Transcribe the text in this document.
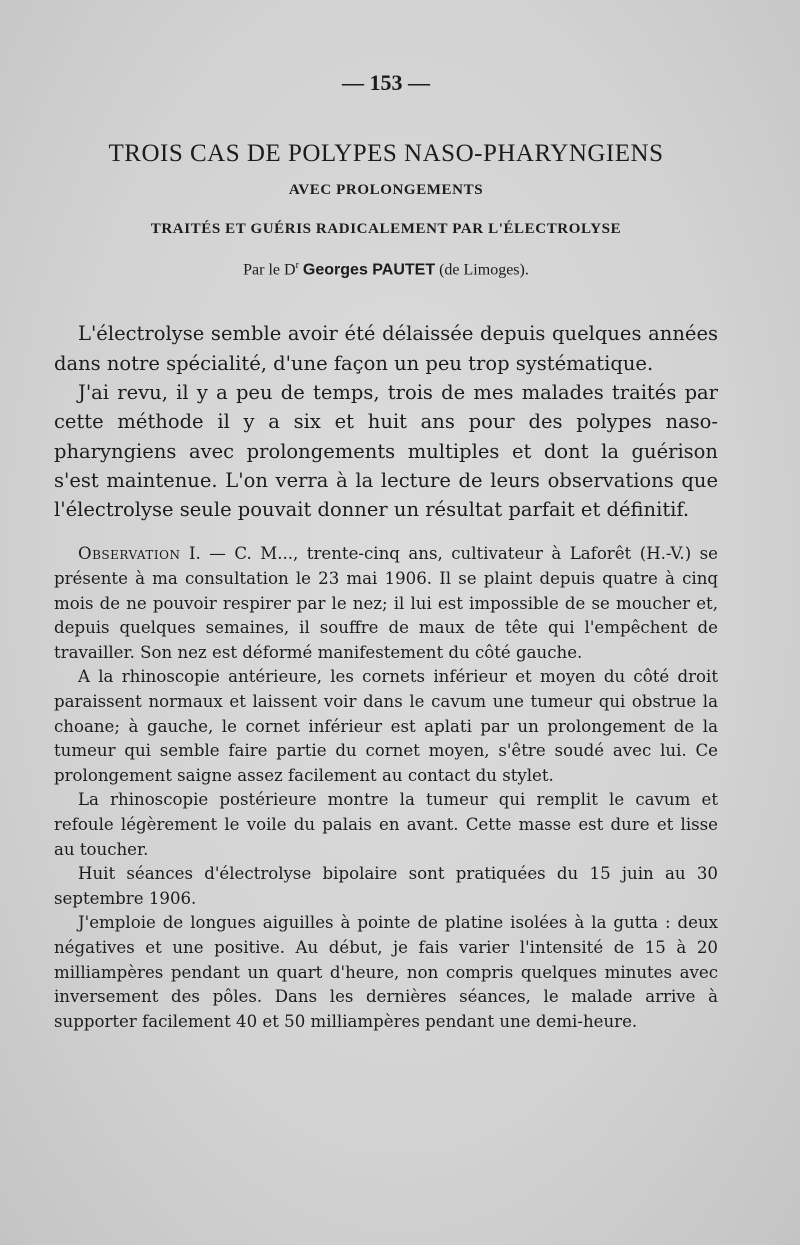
— 153 —
TROIS CAS DE POLYPES NASO-PHARYNGIENS
AVEC PROLONGEMENTS
TRAITÉS ET GUÉRIS RADICALEMENT PAR L'ÉLECTROLYSE
Par le $D^r$ Georges PAUTET (de Limoges).

L'électrolyse semble avoir été délaissée depuis quelques années dans notre spécialité, d'une façon un peu trop systématique.

J'ai revu, il y a peu de temps, trois de mes malades traités par cette méthode il y a six et huit ans pour des polypes naso-pharyngiens avec prolongements multiples et dont la guérison s'est maintenue. L'on verra à la lecture de leurs observations que l'électrolyse seule pouvait donner un résultat parfait et définitif.

Observation I. — C. M..., trente-cinq ans, cultivateur à Laforêt (H.-V.) se présente à ma consultation le 23 mai 1906. Il se plaint depuis quatre à cinq mois de ne pouvoir respirer par le nez; il lui est impossible de se moucher et, depuis quelques semaines, il souffre de maux de tête qui l'empêchent de travailler. Son nez est déformé manifestement du côté gauche.

A la rhinoscopie antérieure, les cornets inférieur et moyen du côté droit paraissent normaux et laissent voir dans le cavum une tumeur qui obstrue la choane; à gauche, le cornet inférieur est aplati par un prolongement de la tumeur qui semble faire partie du cornet moyen, s'être soudé avec lui. Ce prolongement saigne assez facilement au contact du stylet.

La rhinoscopie postérieure montre la tumeur qui remplit le cavum et refoule légèrement le voile du palais en avant. Cette masse est dure et lisse au toucher.

Huit séances d'électrolyse bipolaire sont pratiquées du 15 juin au 30 septembre 1906.

J'emploie de longues aiguilles à pointe de platine isolées à la gutta : deux négatives et une positive. Au début, je fais varier l'intensité de 15 à 20 milliampères pendant un quart d'heure, non compris quelques minutes avec inversement des pôles. Dans les dernières séances, le malade arrive à supporter facilement 40 et 50 milliampères pendant une demi-heure.
